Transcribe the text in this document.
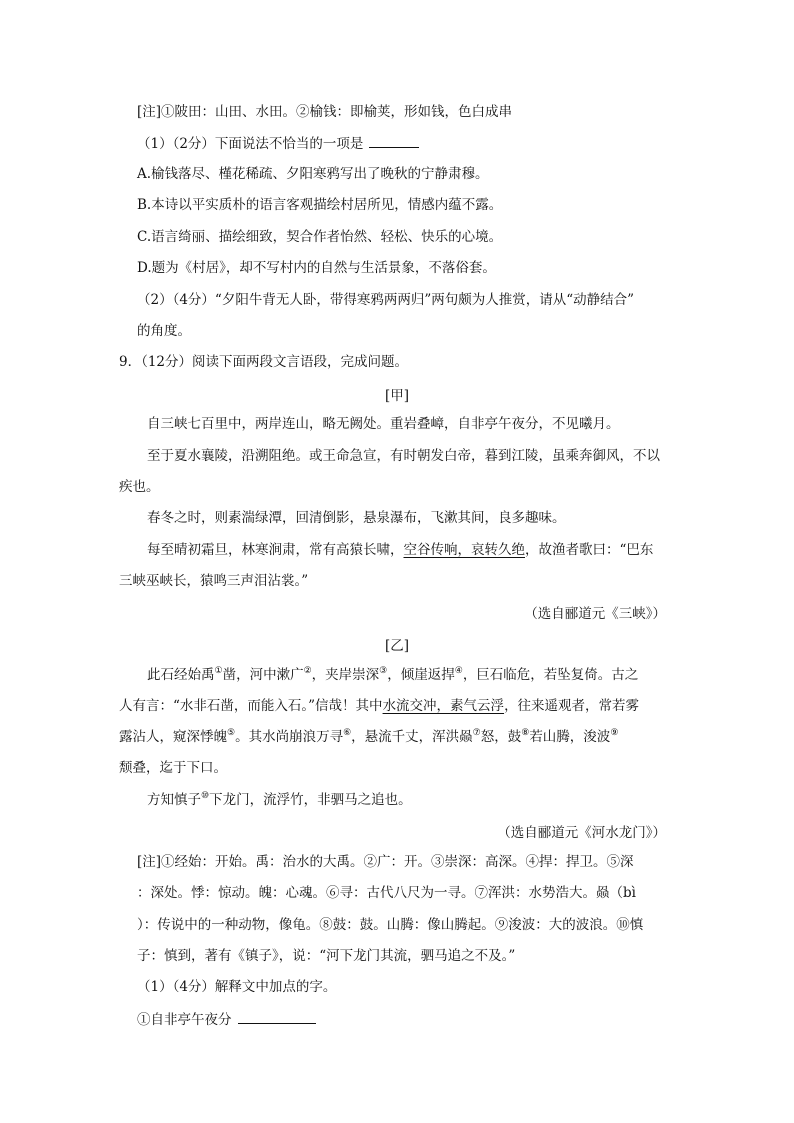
[注]①陂田：山田、水田。②榆钱：即榆荚，形如钱，色白成串
（1）（2分）下面说法不恰当的一项是
A.榆钱落尽、槿花稀疏、夕阳寒鸦写出了晚秋的宁静肃穆。
B.本诗以平实质朴的语言客观描绘村居所见，情感内蕴不露。
C.语言绮丽、描绘细致，契合作者怡然、轻松、快乐的心境。
D.题为《村居》，却不写村内的自然与生活景象，不落俗套。
（2）（4分）“夕阳牛背无人卧，带得寒鸦两两归”两句颇为人推赏，请从“动静结合”
的角度。
9．（12分）阅读下面两段文言语段，完成问题。
[甲]
自三峡七百里中，两岸连山，略无阙处。重岩叠嶂，自非亭午夜分，不见曦月。
至于夏水襄陵，沿溯阻绝。或王命急宣，有时朝发白帝，暮到江陵，虽乘奔御风，不以
疾也。
春冬之时，则素湍绿潭，回清倒影，悬泉瀑布，飞漱其间，良多趣味。
每至晴初霜旦，林寒涧肃，常有高猿长啸，空谷传响，哀转久绝，故渔者歌曰：“巴东
三峡巫峡长，猿鸣三声泪沾裳。”
（选自郦道元《三峡》）
[乙]
此石经始禹①凿，河中漱广②，夹岸崇深③，倾崖返捍④，巨石临危，若坠复倚。古之
人有言：“水非石凿，而能入石。”信哉！其中水流交冲，素气云浮，往来遥观者，常若雾
露沾人，窥深悸魄⑤。其水尚崩浪万寻⑥，悬流千丈，浑洪赑⑦怒，鼓⑧若山腾，浚波⑨
颓叠，迄于下口。
方知慎子⑩下龙门，流浮竹，非驷马之追也。
（选自郦道元《河水龙门》）
[注]①经始：开始。禹：治水的大禹。②广：开。③崇深：高深。④捍：捍卫。⑤深
：深处。悸：惊动。魄：心魂。⑥寻：古代八尺为一寻。⑦浑洪：水势浩大。赑（bì
）：传说中的一种动物，像龟。⑧鼓：鼓。山腾：像山腾起。⑨浚波：大的波浪。⑩慎
子：慎到，著有《镇子》，说：“河下龙门其流，驷马追之不及。”
（1）（4分）解释文中加点的字。
①自非亭午夜分
